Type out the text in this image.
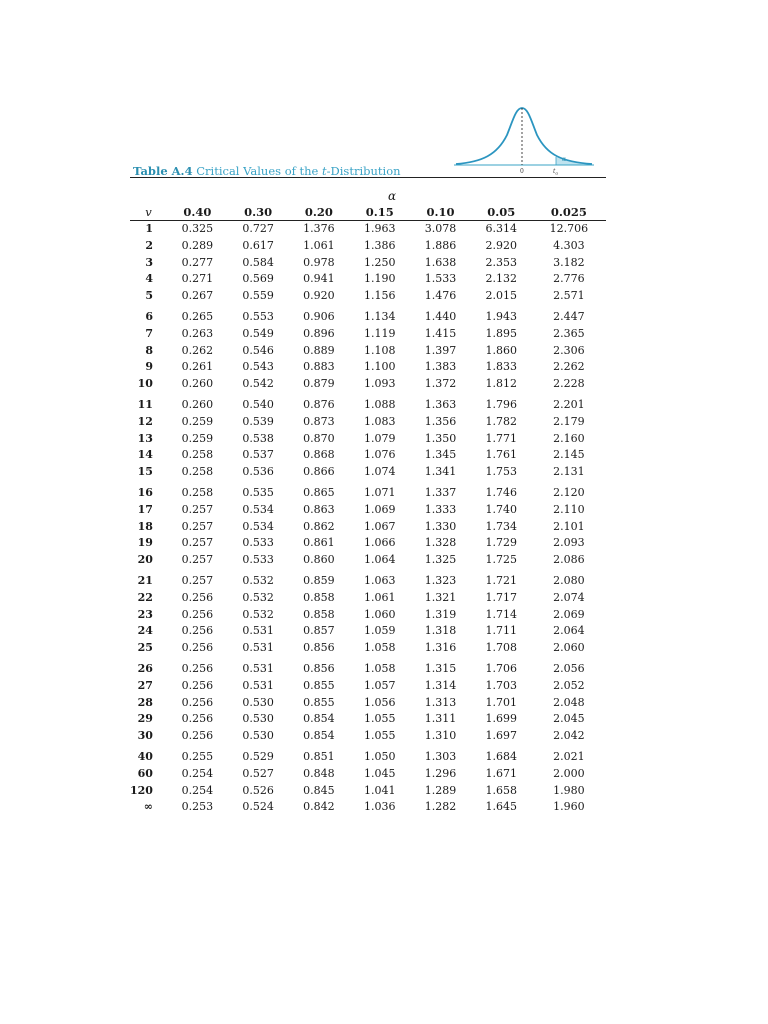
α
0	$t_\alpha$
Table A.4 Critical Values of the t-Distribution
α
v	0.40	0.30	0.20	0.15	0.10	0.05	0.025
1	0.325	0.727	1.376	1.963	3.078	6.314	12.706
2	0.289	0.617	1.061	1.386	1.886	2.920	4.303
3	0.277	0.584	0.978	1.250	1.638	2.353	3.182
4	0.271	0.569	0.941	1.190	1.533	2.132	2.776
5	0.267	0.559	0.920	1.156	1.476	2.015	2.571

6	0.265	0.553	0.906	1.134	1.440	1.943	2.447
7	0.263	0.549	0.896	1.119	1.415	1.895	2.365
8	0.262	0.546	0.889	1.108	1.397	1.860	2.306
9	0.261	0.543	0.883	1.100	1.383	1.833	2.262
10	0.260	0.542	0.879	1.093	1.372	1.812	2.228

11	0.260	0.540	0.876	1.088	1.363	1.796	2.201
12	0.259	0.539	0.873	1.083	1.356	1.782	2.179
13	0.259	0.538	0.870	1.079	1.350	1.771	2.160
14	0.258	0.537	0.868	1.076	1.345	1.761	2.145
15	0.258	0.536	0.866	1.074	1.341	1.753	2.131

16	0.258	0.535	0.865	1.071	1.337	1.746	2.120
17	0.257	0.534	0.863	1.069	1.333	1.740	2.110
18	0.257	0.534	0.862	1.067	1.330	1.734	2.101
19	0.257	0.533	0.861	1.066	1.328	1.729	2.093
20	0.257	0.533	0.860	1.064	1.325	1.725	2.086

21	0.257	0.532	0.859	1.063	1.323	1.721	2.080
22	0.256	0.532	0.858	1.061	1.321	1.717	2.074
23	0.256	0.532	0.858	1.060	1.319	1.714	2.069
24	0.256	0.531	0.857	1.059	1.318	1.711	2.064
25	0.256	0.531	0.856	1.058	1.316	1.708	2.060

26	0.256	0.531	0.856	1.058	1.315	1.706	2.056
27	0.256	0.531	0.855	1.057	1.314	1.703	2.052
28	0.256	0.530	0.855	1.056	1.313	1.701	2.048
29	0.256	0.530	0.854	1.055	1.311	1.699	2.045
30	0.256	0.530	0.854	1.055	1.310	1.697	2.042

40	0.255	0.529	0.851	1.050	1.303	1.684	2.021
60	0.254	0.527	0.848	1.045	1.296	1.671	2.000
120	0.254	0.526	0.845	1.041	1.289	1.658	1.980
∞	0.253	0.524	0.842	1.036	1.282	1.645	1.960
